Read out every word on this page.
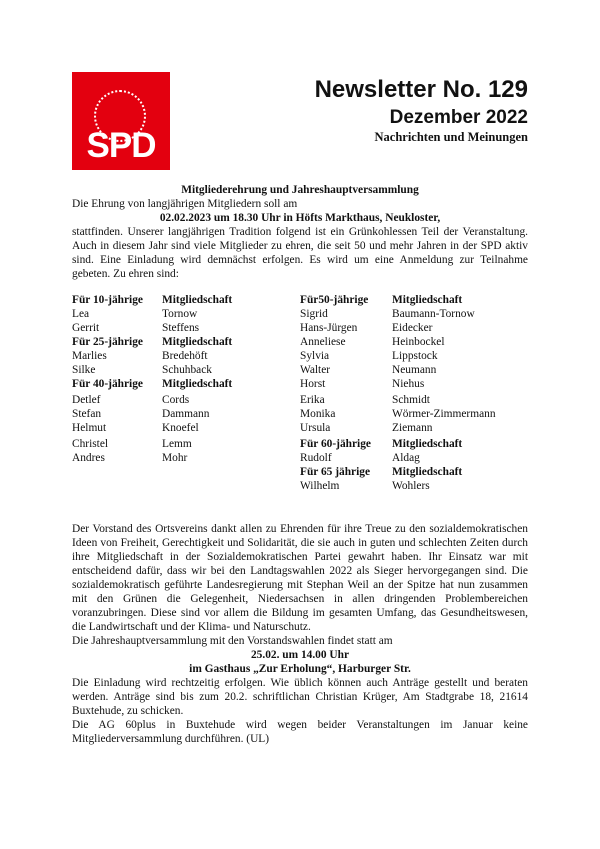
SPD
Newsletter No. 129
Dezember 2022
Nachrichten und Meinungen
Mitgliederehrung und Jahreshauptversammlung
Die Ehrung von langjährigen Mitgliedern soll am
02.02.2023 um 18.30 Uhr in Höfts Markthaus, Neukloster,
stattfinden. Unserer langjährigen Tradition folgend ist ein Grünkohlessen Teil der Veranstaltung. Auch in diesem Jahr sind viele Mitglieder zu ehren, die seit 50 und mehr Jahren in der SPD aktiv sind. Eine Einladung wird demnächst erfolgen. Es wird um eine Anmeldung zur Teilnahme gebeten. Zu ehren sind:
Für 10-jährige Mitgliedschaft
Lea	Tornow
Gerrit	Steffens
Für 25-jährige Mitgliedschaft
Marlies	Bredehöft
Silke	Schuhback
Für 40-jährige Mitgliedschaft
Detlef	Cords
Stefan	Dammann
Helmut	Knoefel
Christel	Lemm
Andres	Mohr
Für50-jährige Mitgliedschaft
Sigrid	Baumann-Tornow
Hans-Jürgen	Eidecker
Anneliese	Heinbockel
Sylvia	Lippstock
Walter	Neumann
Horst	Niehus
Erika	Schmidt
Monika	Wörmer-Zimmermann
Ursula	Ziemann
Für 60-jährige Mitgliedschaft
Rudolf	Aldag
Für 65 jährige Mitgliedschaft
Wilhelm	Wohlers
Der Vorstand des Ortsvereins dankt allen zu Ehrenden für ihre Treue zu den sozialdemokratischen Ideen von Freiheit, Gerechtigkeit und Solidarität, die sie auch in guten und schlechten Zeiten durch ihre Mitgliedschaft in der Sozialdemokratischen Partei gewahrt haben. Ihr Einsatz war mit entscheidend dafür, dass wir bei den Landtagswahlen 2022 als Sieger hervorgegangen sind. Die sozialdemokratisch geführte Landesregierung mit Stephan Weil an der Spitze hat nun zusammen mit den Grünen die Gelegenheit, Niedersachsen in allen dringenden Problembereichen voranzubringen. Diese sind vor allem die Bildung im gesamten Umfang, das Gesundheitswesen, die Landwirtschaft und der Klima- und Naturschutz.
Die Jahreshauptversammlung mit den Vorstandswahlen findet statt am
25.02. um 14.00 Uhr
im Gasthaus „Zur Erholung“, Harburger Str.
Die Einladung wird rechtzeitig erfolgen. Wie üblich können auch Anträge gestellt und beraten werden. Anträge sind bis zum 20.2. schriftlichan Christian Krüger, Am Stadtgrabe 18, 21614 Buxtehude, zu schicken.
Die AG 60plus in Buxtehude wird wegen beider Veranstaltungen im Januar keine Mitgliederversammlung durchführen. (UL)
